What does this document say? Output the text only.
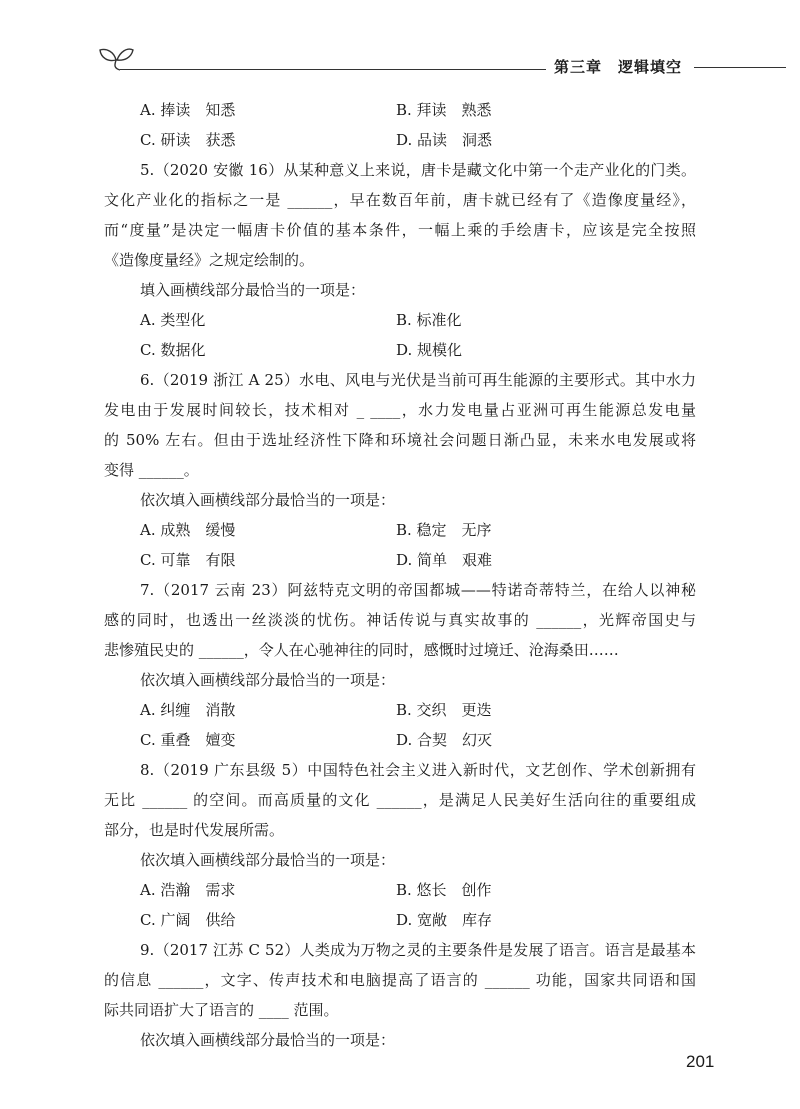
第三章　逻辑填空
A. 捧读　知悉	B. 拜读　熟悉
C. 研读　获悉	D. 品读　洞悉
5.（2020 安徽 16）从某种意义上来说，唐卡是藏文化中第一个走产业化的门类。
文化产业化的指标之一是 ______，早在数百年前，唐卡就已经有了《造像度量经》，
而“度量”是决定一幅唐卡价值的基本条件，一幅上乘的手绘唐卡，应该是完全按照
《造像度量经》之规定绘制的。
填入画横线部分最恰当的一项是：
A. 类型化	B. 标准化
C. 数据化	D. 规模化
6.（2019 浙江 A 25）水电、风电与光伏是当前可再生能源的主要形式。其中水力
发电由于发展时间较长，技术相对 _ ____，水力发电量占亚洲可再生能源总发电量
的 50% 左右。但由于选址经济性下降和环境社会问题日渐凸显，未来水电发展或将
变得 ______。
依次填入画横线部分最恰当的一项是：
A. 成熟　缓慢	B. 稳定　无序
C. 可靠　有限	D. 简单　艰难
7.（2017 云南 23）阿兹特克文明的帝国都城——特诺奇蒂特兰，在给人以神秘
感的同时，也透出一丝淡淡的忧伤。神话传说与真实故事的 ______，光辉帝国史与
悲惨殖民史的 ______，令人在心驰神往的同时，感慨时过境迁、沧海桑田……
依次填入画横线部分最恰当的一项是：
A. 纠缠　消散	B. 交织　更迭
C. 重叠　嬗变	D. 合契　幻灭
8.（2019 广东县级 5）中国特色社会主义进入新时代，文艺创作、学术创新拥有
无比 ______ 的空间。而高质量的文化 ______，是满足人民美好生活向往的重要组成
部分，也是时代发展所需。
依次填入画横线部分最恰当的一项是：
A. 浩瀚　需求	B. 悠长　创作
C. 广阔　供给	D. 宽敞　库存
9.（2017 江苏 C 52）人类成为万物之灵的主要条件是发展了语言。语言是最基本
的信息 ______，文字、传声技术和电脑提高了语言的 ______ 功能，国家共同语和国
际共同语扩大了语言的 ____ 范围。
依次填入画横线部分最恰当的一项是：
201
